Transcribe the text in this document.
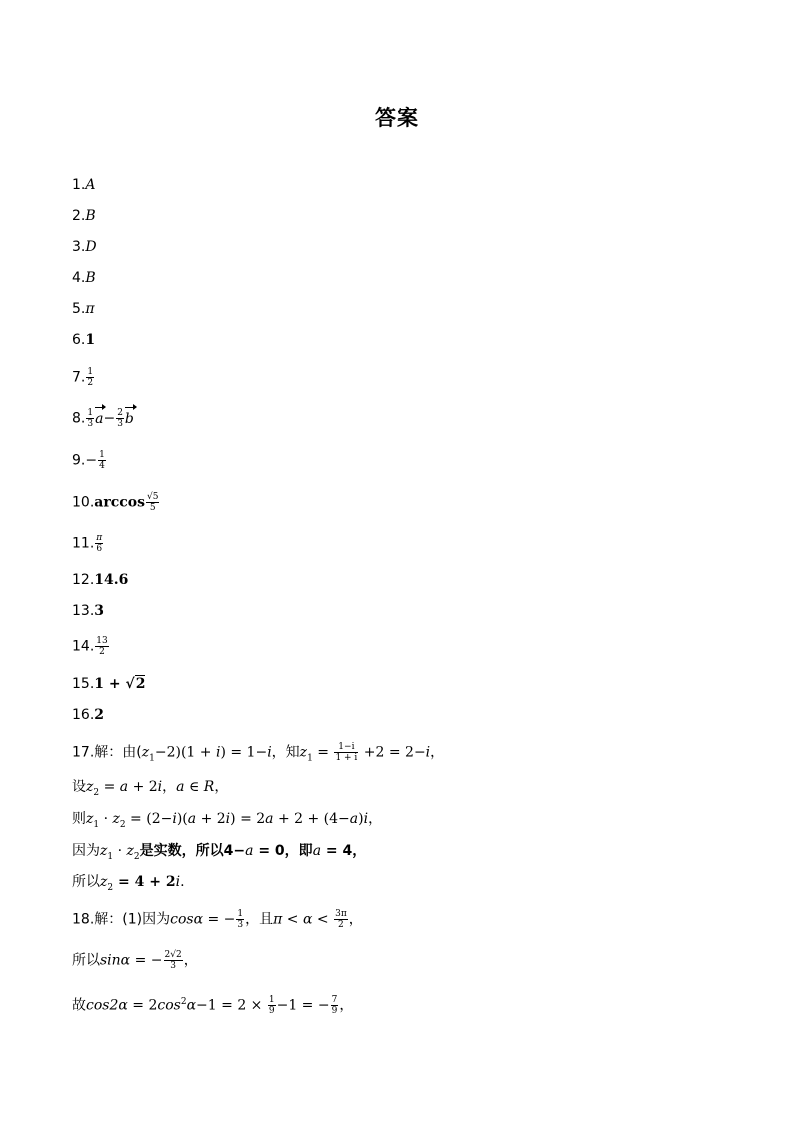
答案
1.A
2.B
3.D
4.B
5.π
6.1
7. $\frac{1}{2}$
8. $\frac{1}{3} a- \frac{2}{3}$ b
$9.- \frac{1}{4}$
$10.\arccos \frac{√5}{5}$
11. $\frac{\pi}{6}$
12.14.6
13.3
14. $\frac{13}{2}$
15.1 + √2
16.2
17.解：由$(z_1-2)(1 + i) = 1-i$，知$z_1 = \frac{1-i}{1 + i} +2 = 2-i$，
设$z_2 = a + 2i$，a ∈ R，
则$z_1 \cdot z_2 = (2-i)(a + 2i) = 2a + 2 + (4-a)i$，
因为$z_1 \cdot z_2$是实数，所以4−a = 0，即a = 4，
所以$z_2 = 4 + 2i$.
18.解：(1)因为cosα = − $\frac{1}{3}$ ，且$\pi < \alpha < \frac{3\pi}{2}$ ，
所以sinα = − $\frac{2√2}{3}$ ，
故$\cos 2\alpha = 2\cos^2\alpha-1 = 2 \times \frac{1}{9} -1$ = − $\frac{7}{9}$ ，
